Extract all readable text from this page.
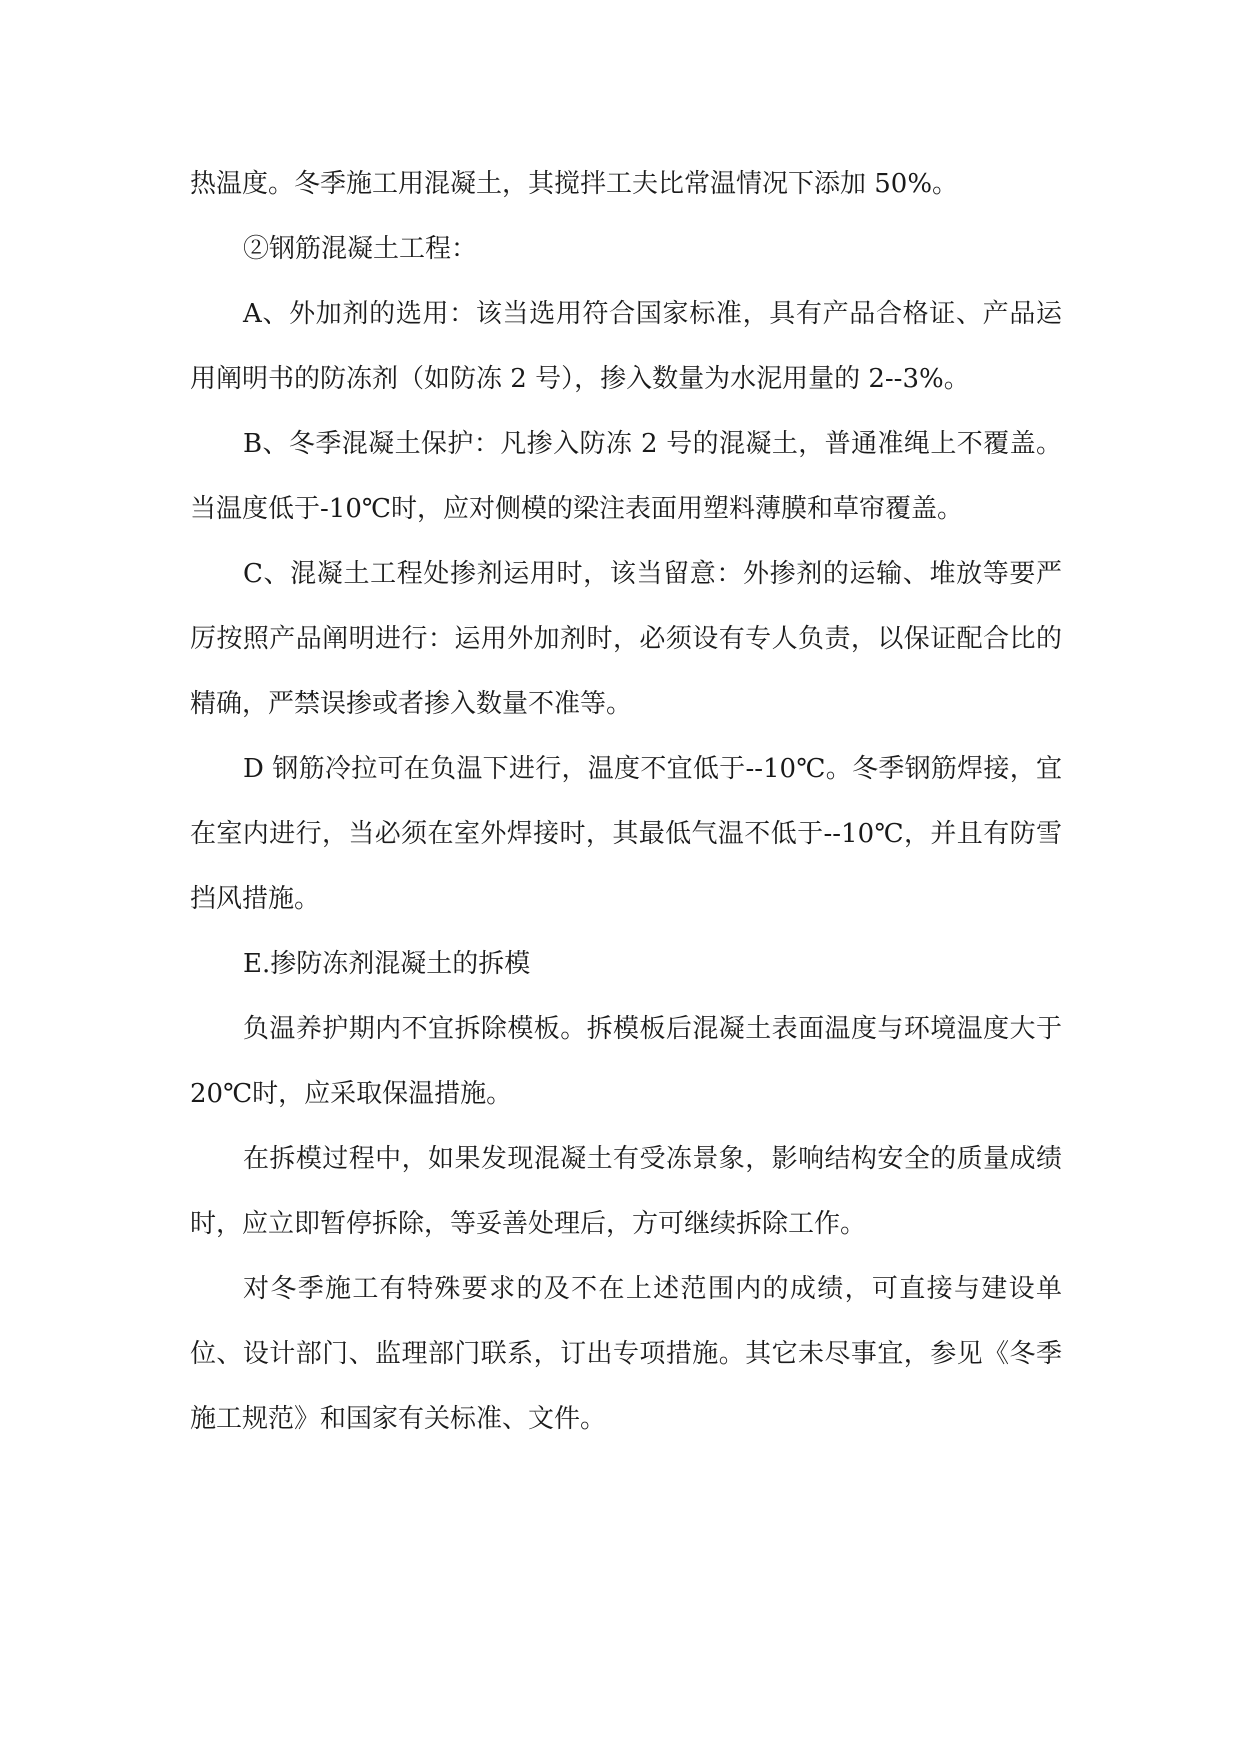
热温度。冬季施工用混凝土，其搅拌工夫比常温情况下添加 50%。

②钢筋混凝土工程：

A、外加剂的选用：该当选用符合国家标准，具有产品合格证、产品运用阐明书的防冻剂（如防冻 2 号），掺入数量为水泥用量的 2--3%。

B、冬季混凝土保护：凡掺入防冻 2 号的混凝土，普通准绳上不覆盖。当温度低于-10℃时，应对侧模的梁注表面用塑料薄膜和草帘覆盖。

C、混凝土工程处掺剂运用时，该当留意：外掺剂的运输、堆放等要严厉按照产品阐明进行：运用外加剂时，必须设有专人负责，以保证配合比的精确，严禁误掺或者掺入数量不准等。

D 钢筋冷拉可在负温下进行，温度不宜低于--10℃。冬季钢筋焊接，宜在室内进行，当必须在室外焊接时，其最低气温不低于--10℃，并且有防雪挡风措施。

E.掺防冻剂混凝土的拆模

负温养护期内不宜拆除模板。拆模板后混凝土表面温度与环境温度大于 20℃时，应采取保温措施。

在拆模过程中，如果发现混凝土有受冻景象，影响结构安全的质量成绩时，应立即暂停拆除，等妥善处理后，方可继续拆除工作。

对冬季施工有特殊要求的及不在上述范围内的成绩，可直接与建设单位、设计部门、监理部门联系，订出专项措施。其它未尽事宜，参见《冬季施工规范》和国家有关标准、文件。
